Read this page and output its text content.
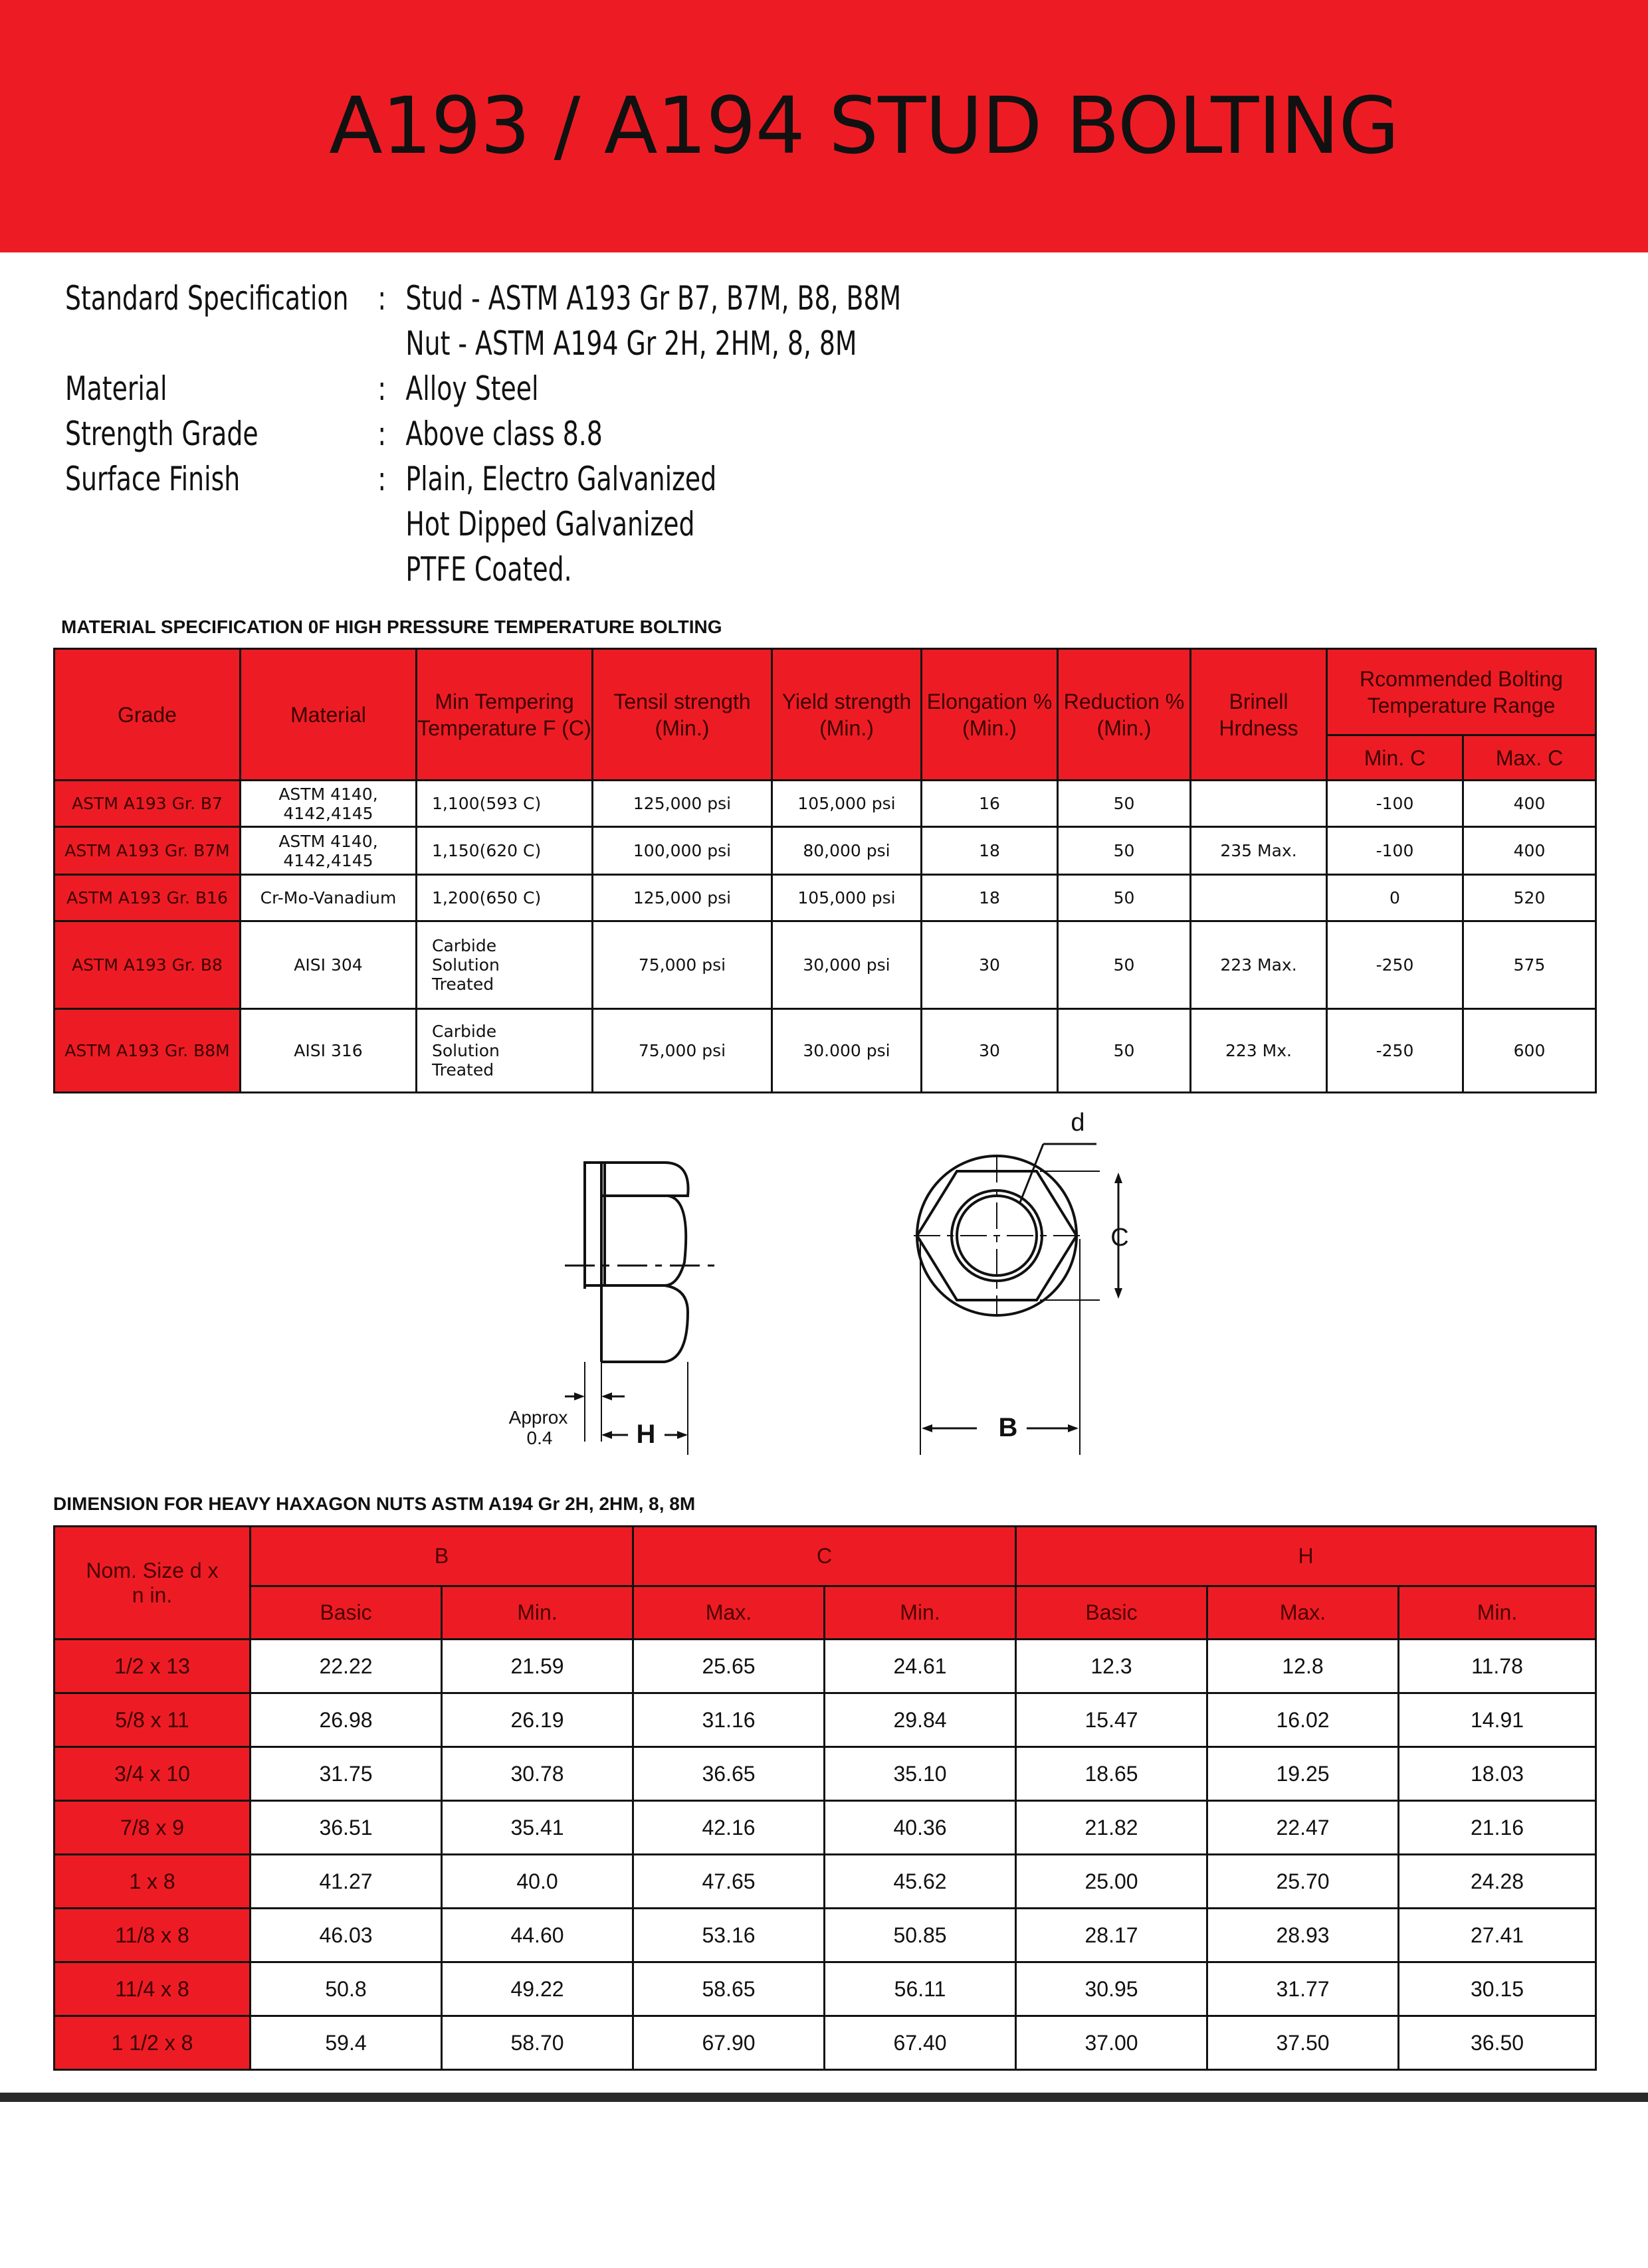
A193 / A194 STUD BOLTING
Standard Specification : Stud - ASTM A193 Gr B7, B7M, B8, B8M
Nut - ASTM A194 Gr 2H, 2HM, 8, 8M
Material	: Alloy Steel
Strength Grade	: Above class 8.8
Surface Finish	: Plain, Electro Galvanized
Hot Dipped Galvanized
PTFE Coated.
MATERIAL SPECIFICATION 0F HIGH PRESSURE TEMPERATURE BOLTING
Grade	Material	Min Tempering Temperature F (C)	Tensil strength (Min.)	Yield strength (Min.)	Elongation %(Min.)	Reduction %(Min.)	Brinell Hrdness	Rcommended Bolting Temperature Range	
								Min. C	Max. C
ASTM A193 Gr. B7	ASTM 4140, 4142,4145	1,100(593 C)	125,000 psi	105,000 psi	16	50		-100	400
ASTM A193 Gr. B7M	ASTM 4140, 4142,4145	1,150(620 C)	100,000 psi	80,000 psi	18	50	235 Max.	-100	400
ASTM A193 Gr. B16	Cr-Mo-Vanadium	1,200(650 C)	125,000 psi	105,000 psi	18	50		0	520
ASTM A193 Gr. B8	AISI 304	Carbide Solution Treated	75,000 psi	30,000 psi	30	50	223 Max.	-250	575
ASTM A193 Gr. B8M	AISI 316	Carbide Solution Treated	75,000 psi	30.000 psi	30	50	223 Mx.	-250	600
Approx
0.4	H	B
C
d
DIMENSION FOR HEAVY HAXAGON NUTS ASTM A194 Gr 2H, 2HM, 8, 8M
Nom. Size d x n in.	B		C		H		
	Basic	Min.	Max.	Min.	Basic	Max.	Min.
1/2 x 13	22.22	21.59	25.65	24.61	12.3	12.8	11.78
5/8 x 11	26.98	26.19	31.16	29.84	15.47	16.02	14.91
3/4 x 10	31.75	30.78	36.65	35.10	18.65	19.25	18.03
7/8 x 9	36.51	35.41	42.16	40.36	21.82	22.47	21.16
1 x 8	41.27	40.0	47.65	45.62	25.00	25.70	24.28
11/8 x 8	46.03	44.60	53.16	50.85	28.17	28.93	27.41
11/4 x 8	50.8	49.22	58.65	56.11	30.95	31.77	30.15
1 1/2 x 8	59.4	58.70	67.90	67.40	37.00	37.50	36.50
